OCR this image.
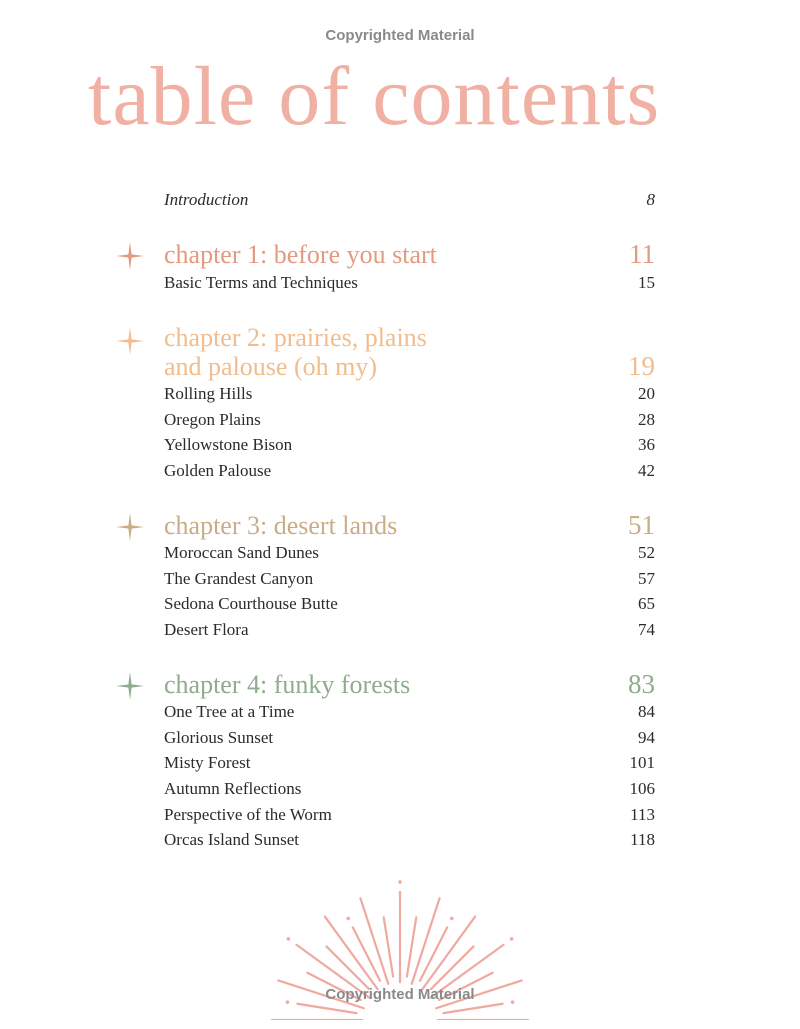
Copyrighted Material
table of contents
Introduction	8
chapter 1: before you start	11
Basic Terms and Techniques	15
chapter 2: prairies, plains
and palouse (oh my)	19
Rolling Hills	20
Oregon Plains	28
Yellowstone Bison	36
Golden Palouse	42
chapter 3: desert lands	51
Moroccan Sand Dunes	52
The Grandest Canyon	57
Sedona Courthouse Butte	65
Desert Flora	74
chapter 4: funky forests	83
One Tree at a Time	84
Glorious Sunset	94
Misty Forest	101
Autumn Reflections	106
Perspective of the Worm	113
Orcas Island Sunset	118
Copyrighted Material
